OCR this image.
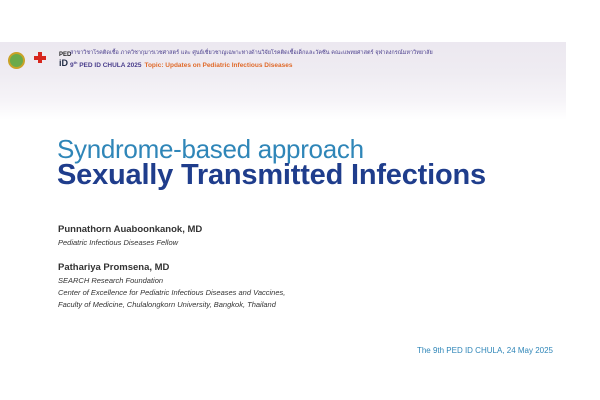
PED
iD
สาขาวิชาโรคติดเชื้อ ภาควิชากุมารเวชศาสตร์ และ ศูนย์เชี่ยวชาญเฉพาะทางด้านวิจัยโรคติดเชื้อเด็กและวัคซีน คณะแพทยศาสตร์ จุฬาลงกรณ์มหาวิทยาลัย
9th PED ID CHULA 2025 Topic: Updates on Pediatric Infectious Diseases
Syndrome-based approach
Sexually Transmitted Infections
Punnathorn Auaboonkanok, MD
Pediatric Infectious Diseases Fellow
Pathariya Promsena, MD
SEARCH Research Foundation
Center of Excellence for Pediatric Infectious Diseases and Vaccines,
Faculty of Medicine, Chulalongkorn University, Bangkok, Thailand
The 9th PED ID CHULA, 24 May 2025
